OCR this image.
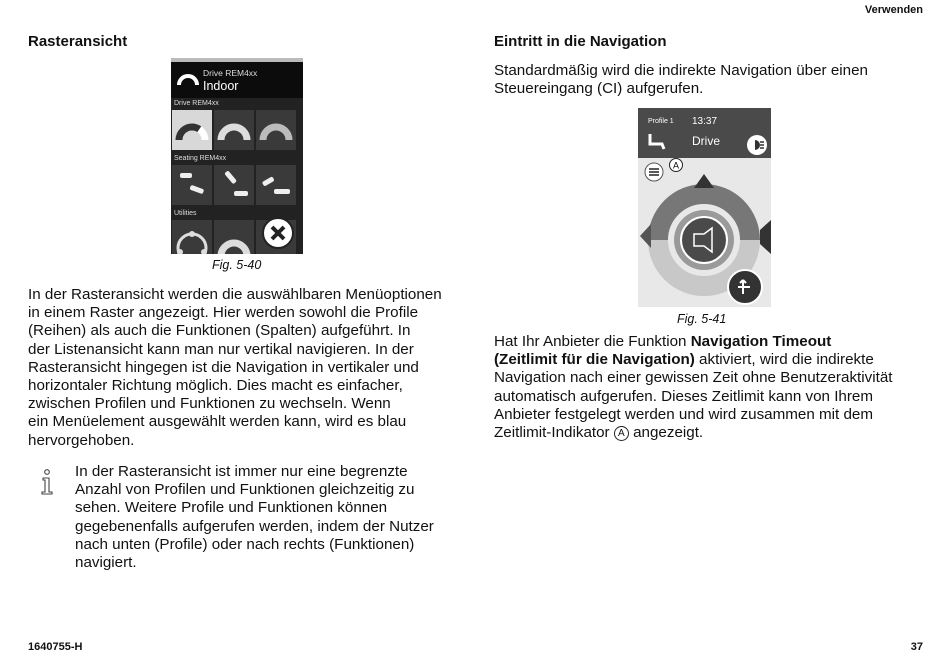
Verwenden
Rasteransicht
Drive REM4xx
Indoor
Drive REM4xx
Seating REM4xx
Utilities
Fig. 5-40
In der Rasteransicht werden die auswählbaren Menüoptionen
in einem Raster angezeigt. Hier werden sowohl die Profile
(Reihen) als auch die Funktionen (Spalten) aufgeführt. In
der Listenansicht kann man nur vertikal navigieren. In der
Rasteransicht hingegen ist die Navigation in vertikaler und
horizontaler Richtung möglich. Dies macht es einfacher,
zwischen Profilen und Funktionen zu wechseln. Wenn
ein Menüelement ausgewählt werden kann, wird es blau
hervorgehoben.
In der Rasteransicht ist immer nur eine begrenzte
Anzahl von Profilen und Funktionen gleichzeitig zu
sehen. Weitere Profile und Funktionen können
gegebenenfalls aufgerufen werden, indem der Nutzer
nach unten (Profile) oder nach rechts (Funktionen)
navigiert.
Eintritt in die Navigation
Standardmäßig wird die indirekte Navigation über einen
Steuereingang (CI) aufgerufen.
Profile 1 13:37
Drive
A
Fig. 5-41
Hat Ihr Anbieter die Funktion Navigation Timeout
(Zeitlimit für die Navigation) aktiviert, wird die indirekte
Navigation nach einer gewissen Zeit ohne Benutzeraktivität
automatisch aufgerufen. Dieses Zeitlimit kann von Ihrem
Anbieter festgelegt werden und wird zusammen mit dem
Zeitlimit-Indikator A angezeigt.
1640755-H	37
